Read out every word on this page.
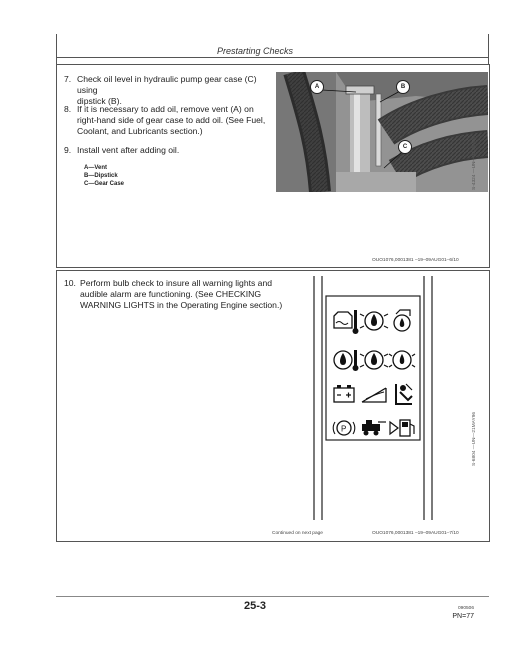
Prestarting Checks
7. Check oil level in hydraulic pump gear case (C) using
dipstick (B).
8. If it is necessary to add oil, remove vent (A) on
right-hand side of gear case to add oil. (See Fuel,
Coolant, and Lubricants section.)
9. Install vent after adding oil.
A—Vent
B—Dipstick
C—Gear Case
A	B
C	S-4324 —UN—03JAN95
OUO1076,0001381 –19–09AUG01–6/10
10. Perform bulb check to insure all warning lights and
audible alarm are functioning. (See CHECKING
WARNING LIGHTS in the Operating Engine section.)
P	S-6804 —UN—21MAY96
Continued on next page	OUO1076,0001381 –19–09AUG01–7/10
25-3	090506
PN=77
